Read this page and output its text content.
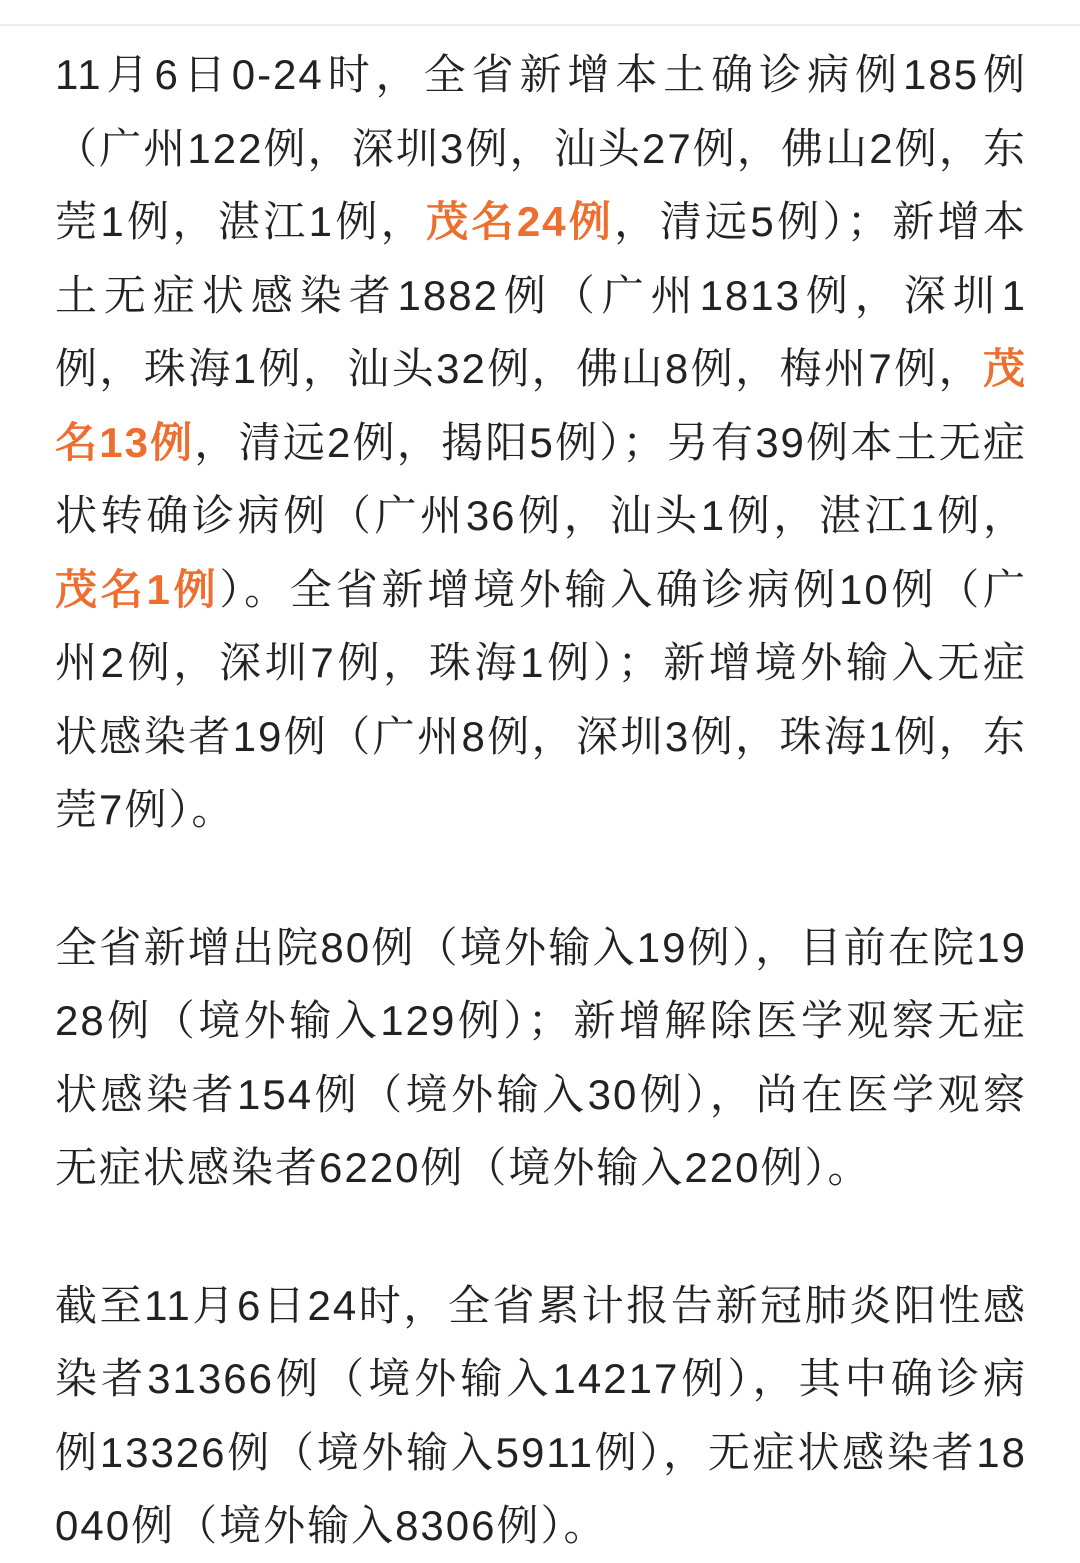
11月6日0-24时，全省新增本土确诊病例185例（广州122例，深圳3例，汕头27例，佛山2例，东莞1例，湛江1例，茂名24例，清远5例）；新增本土无症状感染者1882例（广州1813例，深圳1例，珠海1例，汕头32例，佛山8例，梅州7例，茂名13例，清远2例，揭阳5例）；另有39例本土无症状转确诊病例（广州36例，汕头1例，湛江1例，茂名1例）。全省新增境外输入确诊病例10例（广州2例，深圳7例，珠海1例）；新增境外输入无症状感染者19例（广州8例，深圳3例，珠海1例，东莞7例）。

全省新增出院80例（境外输入19例），目前在院1928例（境外输入129例）；新增解除医学观察无症状感染者154例（境外输入30例），尚在医学观察无症状感染者6220例（境外输入220例）。

截至11月6日24时，全省累计报告新冠肺炎阳性感染者31366例（境外输入14217例），其中确诊病例13326例（境外输入5911例），无症状感染者18040例（境外输入8306例）。
